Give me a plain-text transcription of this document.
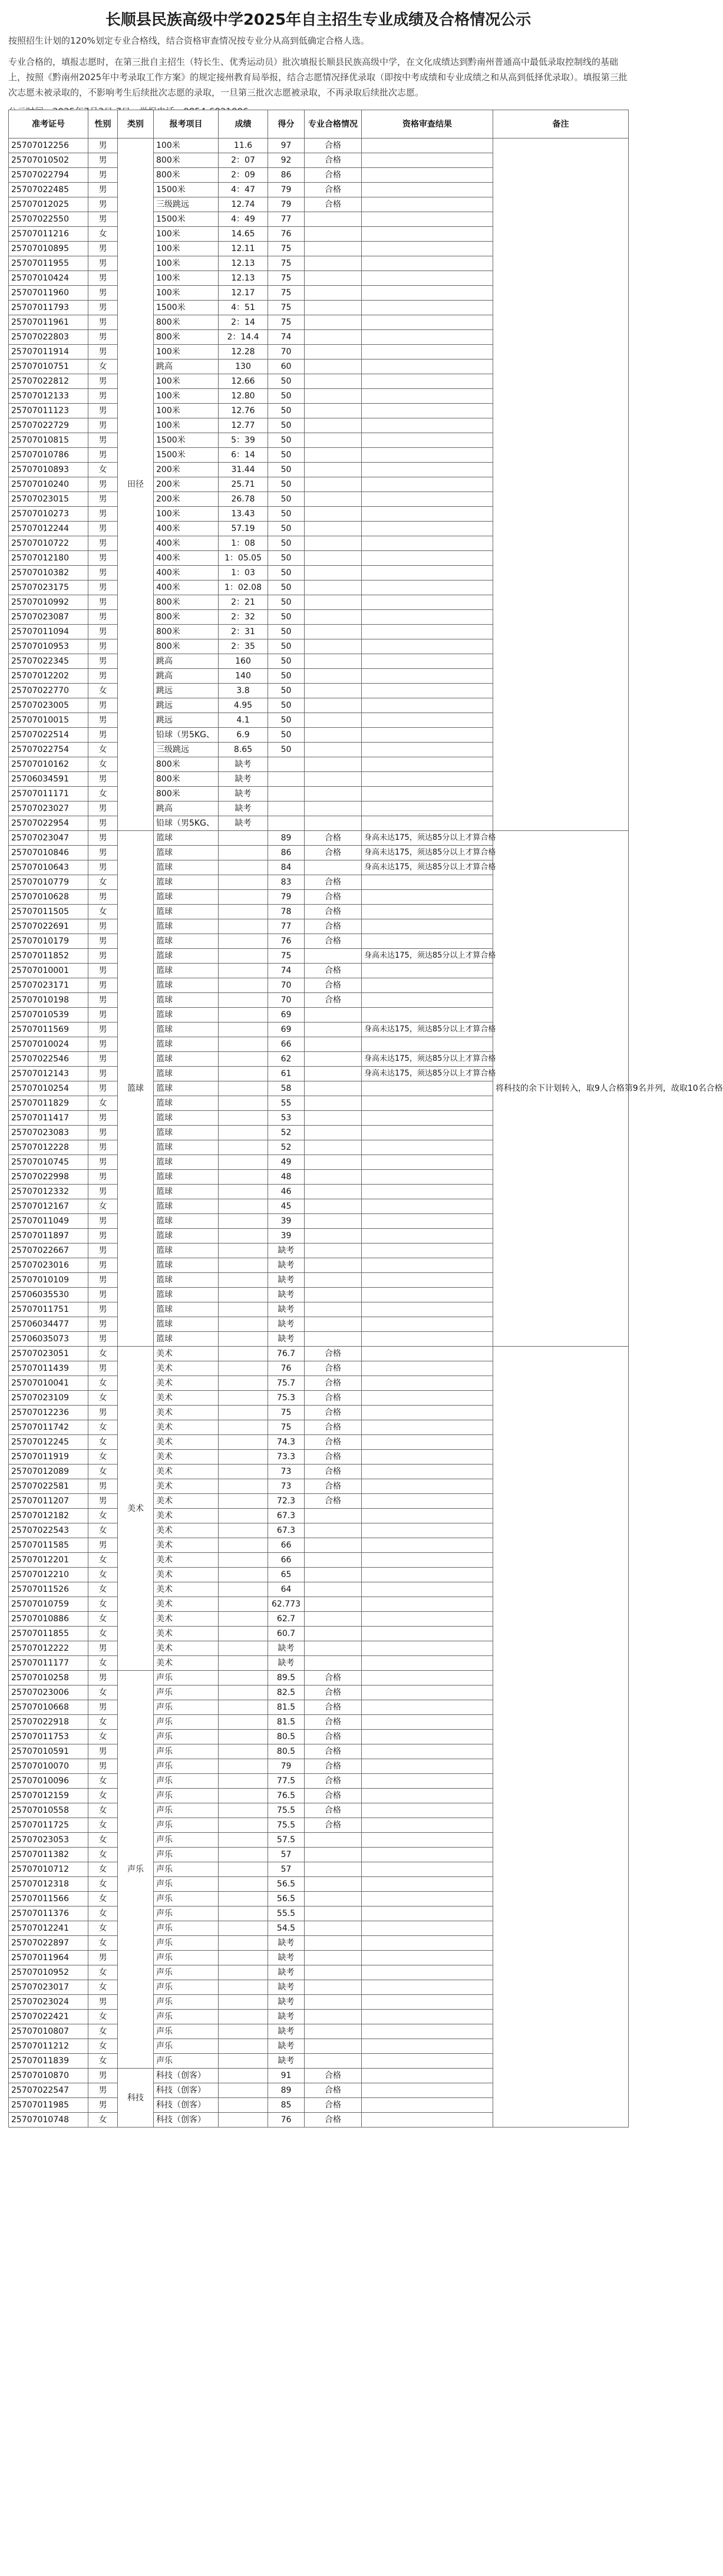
长顺县民族高级中学2025年自主招生专业成绩及合格情况公示

按照招生计划的120%划定专业合格线，结合资格审查情况按专业分从高到低确定合格人选。

专业合格的，填报志愿时，在第三批自主招生（特长生、优秀运动员）批次填报长顺县民族高级中学，在文化成绩达到黔南州普通高中最低录取控制线的基础上，按照《黔南州2025年中考录取工作方案》的规定接州教育局举报，结合志愿情况择优录取（即按中考成绩和专业成绩之和从高到低择优录取）。填报第三批次志愿未被录取的，不影响考生后续批次志愿的录取，一旦第三批次志愿被录取，不再录取后续批次志愿。

准考证号	性别	类别	报考项目	成绩	得分	专业合格情况	资格审查结果	备注
25707012256	男	田径	100米	11.6	97	合格		
25707010502	男		800米	2：07	92	合格		
25707022794	男		800米	2：09	86	合格		
25707022485	男		1500米	4：47	79	合格		
25707012025	男		三级跳远	12.74	79	合格		
25707022550	男		1500米	4：49	77			
25707011216	女		100米	14.65	76			
25707010895	男		100米	12.11	75			
25707011955	男		100米	12.13	75			
25707010424	男		100米	12.13	75			
25707011960	男		100米	12.17	75			
25707011793	男		1500米	4：51	75			
25707011961	男		800米	2：14	75			
25707022803	男		800米	2：14.4	74			
25707011914	男		100米	12.28	70			
25707010751	女		跳高	130	60			
25707022812	男		100米	12.66	50			
25707012133	男		100米	12.80	50			
25707011123	男		100米	12.76	50			
25707022729	男		100米	12.77	50			
25707010815	男		1500米	5：39	50			
25707010786	男		1500米	6：14	50			
25707010893	女		200米	31.44	50			
25707010240	男		200米	25.71	50			
25707023015	男		200米	26.78	50			
25707010273	男		100米	13.43	50			
25707012244	男		400米	57.19	50			
25707010722	男		400米	1：08	50			
25707012180	男		400米	1：05.05	50			
25707010382	男		400米	1：03	50			
25707023175	男		400米	1：02.08	50			
25707010992	男		800米	2：21	50			
25707023087	男		800米	2：32	50			
25707011094	男		800米	2：31	50			
25707010953	男		800米	2：35	50			
25707022345	男		跳高	160	50			
25707012202	男		跳高	140	50			
25707022770	女		跳远	3.8	50			
25707023005	男		跳远	4.95	50			
25707010015	男		跳远	4.1	50			
25707022514	男		铅球（男5KG、	6.9	50			
25707022754	女		三级跳远	8.65	50			
25707010162	女		800米	缺考				
25706034591	男		800米	缺考				
25707011171	女		800米	缺考				
25707023027	男		跳高	缺考				
25707022954	男		铅球（男5KG、	缺考				
25707023047	男	篮球	篮球		89	合格	身高未达175，须达85分以上才算合格	将科技的余下计划转入，取9人合格第9名并列，故取10名合格
25707010846	男		篮球		86	合格	身高未达175，须达85分以上才算合格	
25707010643	男		篮球		84		身高未达175，须达85分以上才算合格	
25707010779	女		篮球		83	合格		
25707010628	男		篮球		79	合格		
25707011505	女		篮球		78	合格		
25707022691	男		篮球		77	合格		
25707010179	男		篮球		76	合格		
25707011852	男		篮球		75		身高未达175，须达85分以上才算合格	
25707010001	男		篮球		74	合格		
25707023171	男		篮球		70	合格		
25707010198	男		篮球		70	合格		
25707010539	男		篮球		69			
25707011569	男		篮球		69		身高未达175，须达85分以上才算合格	
25707010024	男		篮球		66			
25707022546	男		篮球		62		身高未达175，须达85分以上才算合格	
25707012143	男		篮球		61		身高未达175，须达85分以上才算合格	
25707010254	男		篮球		58			
25707011829	女		篮球		55			
25707011417	男		篮球		53			
25707023083	男		篮球		52			
25707012228	男		篮球		52			
25707010745	男		篮球		49			
25707022998	男		篮球		48			
25707012332	男		篮球		46			
25707012167	女		篮球		45			
25707011049	男		篮球		39			
25707011897	男		篮球		39			
25707022667	男		篮球		缺考			
25707023016	男		篮球		缺考			
25707010109	男		篮球		缺考			
25706035530	男		篮球		缺考			
25707011751	男		篮球		缺考			
25706034477	男		篮球		缺考			
25706035073	男		篮球		缺考			
25707023051	女	美术	美术		76.7	合格		
25707011439	男		美术		76	合格		
25707010041	女		美术		75.7	合格		
25707023109	女		美术		75.3	合格		
25707012236	男		美术		75	合格		
25707011742	女		美术		75	合格		
25707012245	女		美术		74.3	合格		
25707011919	女		美术		73.3	合格		
25707012089	女		美术		73	合格		
25707022581	男		美术		73	合格		
25707011207	男		美术		72.3	合格		
25707012182	女		美术		67.3			
25707022543	女		美术		67.3			
25707011585	男		美术		66			
25707012201	女		美术		66			
25707012210	女		美术		65			
25707011526	女		美术		64			
25707010759	女		美术		62.773			
25707010886	女		美术		62.7			
25707011855	女		美术		60.7			
25707012222	男		美术		缺考			
25707011177	女		美术		缺考			
25707010258	男	声乐	声乐		89.5	合格		
25707023006	女		声乐		82.5	合格		
25707010668	男		声乐		81.5	合格		
25707022918	女		声乐		81.5	合格		
25707011753	女		声乐		80.5	合格		
25707010591	男		声乐		80.5	合格		
25707010070	男		声乐		79	合格		
25707010096	女		声乐		77.5	合格		
25707012159	女		声乐		76.5	合格		
25707010558	女		声乐		75.5	合格		
25707011725	女		声乐		75.5	合格		
25707023053	女		声乐		57.5			
25707011382	女		声乐		57			
25707010712	女		声乐		57			
25707012318	女		声乐		56.5			
25707011566	女		声乐		56.5			
25707011376	女		声乐		55.5			
25707012241	女		声乐		54.5			
25707022897	女		声乐		缺考			
25707011964	男		声乐		缺考			
25707010952	女		声乐		缺考			
25707023017	女		声乐		缺考			
25707023024	男		声乐		缺考			
25707022421	女		声乐		缺考			
25707010807	女		声乐		缺考			
25707011212	女		声乐		缺考			
25707011839	女		声乐		缺考			
25707010870	男	科技	科技（创客）		91	合格		
25707022547	男		科技（创客）		89	合格		
25707011985	男		科技（创客）		85	合格		
25707010748	女		科技（创客）		76	合格		
